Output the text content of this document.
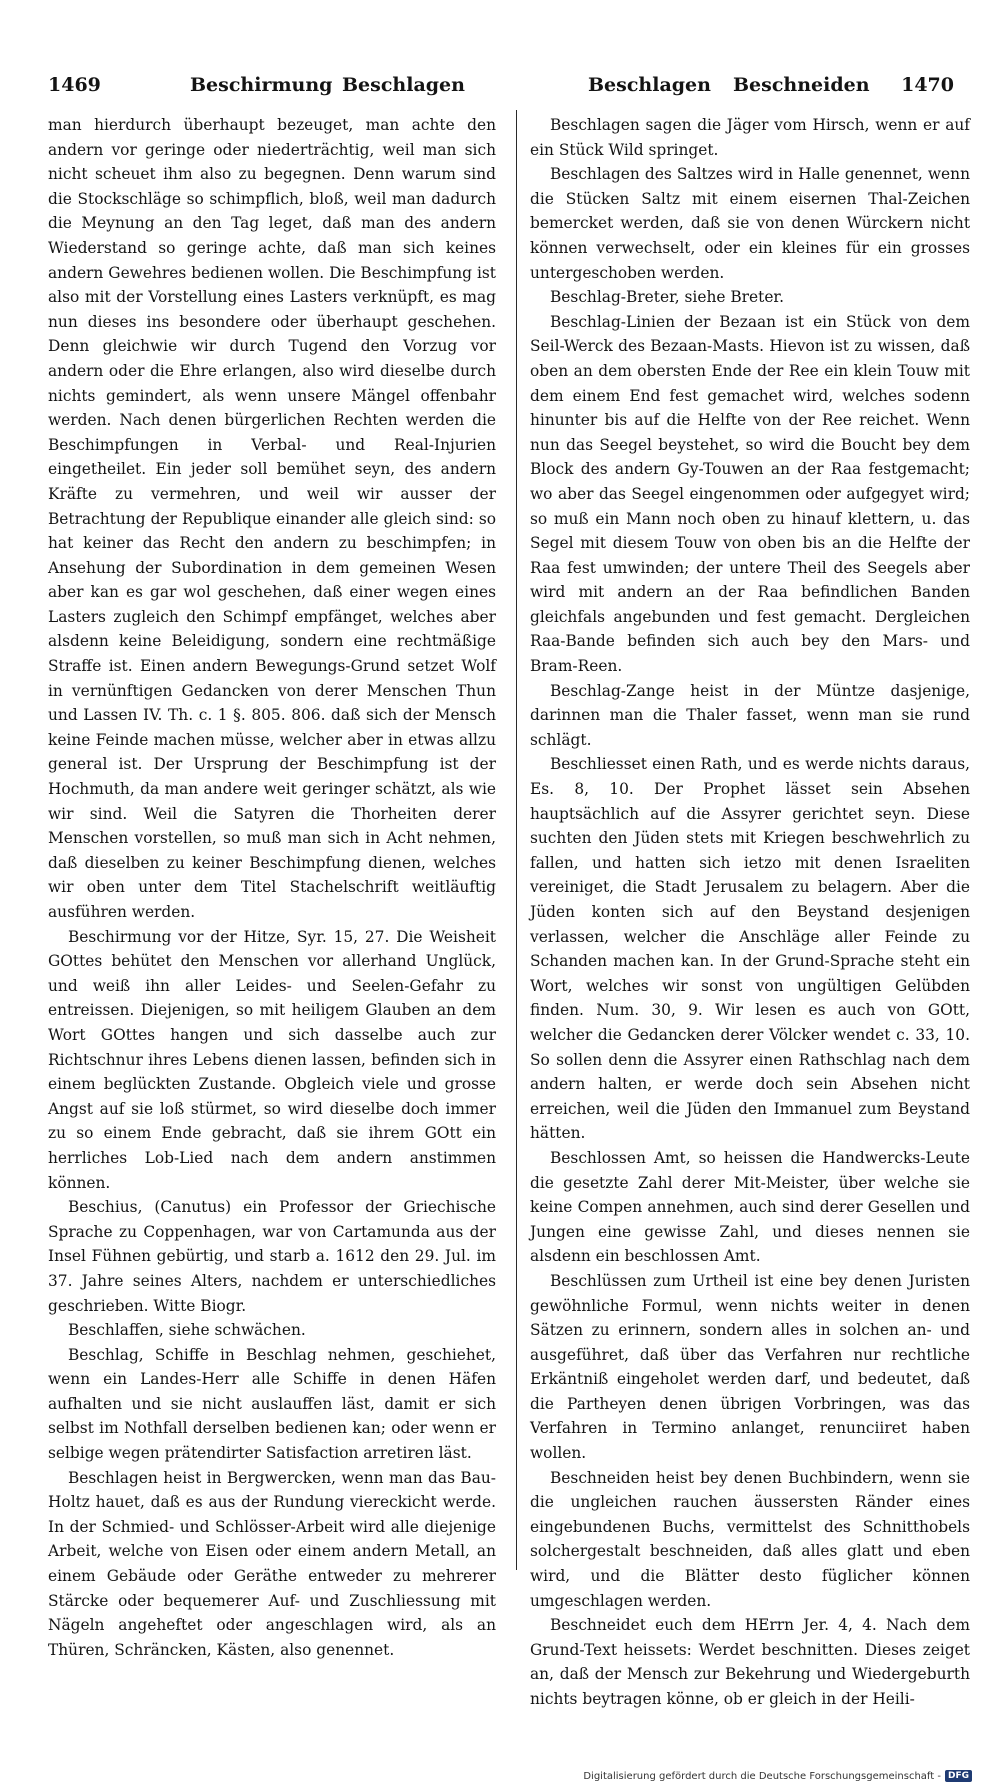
1469	Beschirmung Beschlagen	Beschlagen Beschneiden 1470

man hierdurch überhaupt bezeuget, man achte den andern vor geringe oder niederträchtig, weil man sich nicht scheuet ihm also zu begegnen. Denn warum sind die Stockschläge so schimpflich, bloß, weil man dadurch die Meynung an den Tag leget, daß man des andern Wiederstand so geringe achte, daß man sich keines andern Gewehres bedienen wollen. Die Beschimpfung ist also mit der Vorstellung eines Lasters verknüpft, es mag nun dieses ins besondere oder überhaupt geschehen. Denn gleichwie wir durch Tugend den Vorzug vor andern oder die Ehre erlangen, also wird dieselbe durch nichts gemindert, als wenn unsere Mängel offenbahr werden. Nach denen bürgerlichen Rechten werden die Beschimpfungen in Verbal- und Real-Injurien eingetheilet. Ein jeder soll bemühet seyn, des andern Kräfte zu vermehren, und weil wir ausser der Betrachtung der Republique einander alle gleich sind: so hat keiner das Recht den andern zu beschimpfen; in Ansehung der Subordination in dem gemeinen Wesen aber kan es gar wol geschehen, daß einer wegen eines Lasters zugleich den Schimpf empfänget, welches aber alsdenn keine Beleidigung, sondern eine rechtmäßige Straffe ist. Einen andern Bewegungs-Grund setzet Wolf in vernünftigen Gedancken von derer Menschen Thun und Lassen IV. Th. c. 1 §. 805. 806. daß sich der Mensch keine Feinde machen müsse, welcher aber in etwas allzu general ist. Der Ursprung der Beschimpfung ist der Hochmuth, da man andere weit geringer schätzt, als wie wir sind. Weil die Satyren die Thorheiten derer Menschen vorstellen, so muß man sich in Acht nehmen, daß dieselben zu keiner Beschimpfung dienen, welches wir oben unter dem Titel Stachelschrift weitläuftig ausführen werden.

Beschirmung vor der Hitze, Syr. 15, 27. Die Weisheit GOttes behütet den Menschen vor allerhand Unglück, und weiß ihn aller Leides- und Seelen-Gefahr zu entreissen. Diejenigen, so mit heiligem Glauben an dem Wort GOttes hangen und sich dasselbe auch zur Richtschnur ihres Lebens dienen lassen, befinden sich in einem beglückten Zustande. Obgleich viele und grosse Angst auf sie loß stürmet, so wird dieselbe doch immer zu so einem Ende gebracht, daß sie ihrem GOtt ein herrliches Lob-Lied nach dem andern anstimmen können.

Beschius, (Canutus) ein Professor der Griechische Sprache zu Coppenhagen, war von Cartamunda aus der Insel Fühnen gebürtig, und starb a. 1612 den 29. Jul. im 37. Jahre seines Alters, nachdem er unterschiedliches geschrieben. Witte Biogr.

Beschlaffen, siehe schwächen.

Beschlag, Schiffe in Beschlag nehmen, geschiehet, wenn ein Landes-Herr alle Schiffe in denen Häfen aufhalten und sie nicht auslauffen läst, damit er sich selbst im Nothfall derselben bedienen kan; oder wenn er selbige wegen prätendirter Satisfaction arretiren läst.

Beschlagen heist in Bergwercken, wenn man das Bau-Holtz hauet, daß es aus der Rundung viereckicht werde. In der Schmied- und Schlösser-Arbeit wird alle diejenige Arbeit, welche von Eisen oder einem andern Metall, an einem Gebäude oder Geräthe entweder zu mehrerer Stärcke oder bequemerer Auf- und Zuschliessung mit Nägeln angeheftet oder angeschlagen wird, als an Thüren, Schräncken, Kästen, also genennet.

Beschlagen sagen die Jäger vom Hirsch, wenn er auf ein Stück Wild springet.

Beschlagen des Saltzes wird in Halle genennet, wenn die Stücken Saltz mit einem eisernen Thal-Zeichen bemercket werden, daß sie von denen Würckern nicht können verwechselt, oder ein kleines für ein grosses untergeschoben werden.

Beschlag-Breter, siehe Breter.

Beschlag-Linien der Bezaan ist ein Stück von dem Seil-Werck des Bezaan-Masts. Hievon ist zu wissen, daß oben an dem obersten Ende der Ree ein klein Touw mit dem einem End fest gemachet wird, welches sodenn hinunter bis auf die Helfte von der Ree reichet. Wenn nun das Seegel beystehet, so wird die Boucht bey dem Block des andern Gy-Touwen an der Raa festgemacht; wo aber das Seegel eingenommen oder aufgegyet wird; so muß ein Mann noch oben zu hinauf klettern, u. das Segel mit diesem Touw von oben bis an die Helfte der Raa fest umwinden; der untere Theil des Seegels aber wird mit andern an der Raa befindlichen Banden gleichfals angebunden und fest gemacht. Dergleichen Raa-Bande befinden sich auch bey den Mars- und Bram-Reen.

Beschlag-Zange heist in der Müntze dasjenige, darinnen man die Thaler fasset, wenn man sie rund schlägt.

Beschliesset einen Rath, und es werde nichts daraus, Es. 8, 10. Der Prophet lässet sein Absehen hauptsächlich auf die Assyrer gerichtet seyn. Diese suchten den Jüden stets mit Kriegen beschwehrlich zu fallen, und hatten sich ietzo mit denen Israeliten vereiniget, die Stadt Jerusalem zu belagern. Aber die Jüden konten sich auf den Beystand desjenigen verlassen, welcher die Anschläge aller Feinde zu Schanden machen kan. In der Grund-Sprache steht ein Wort, welches wir sonst von ungültigen Gelübden finden. Num. 30, 9. Wir lesen es auch von GOtt, welcher die Gedancken derer Völcker wendet c. 33, 10. So sollen denn die Assyrer einen Rathschlag nach dem andern halten, er werde doch sein Absehen nicht erreichen, weil die Jüden den Immanuel zum Beystand hätten.

Beschlossen Amt, so heissen die Handwercks-Leute die gesetzte Zahl derer Mit-Meister, über welche sie keine Compen annehmen, auch sind derer Gesellen und Jungen eine gewisse Zahl, und dieses nennen sie alsdenn ein beschlossen Amt.

Beschlüssen zum Urtheil ist eine bey denen Juristen gewöhnliche Formul, wenn nichts weiter in denen Sätzen zu erinnern, sondern alles in solchen an- und ausgeführet, daß über das Verfahren nur rechtliche Erkäntniß eingeholet werden darf, und bedeutet, daß die Partheyen denen übrigen Vorbringen, was das Verfahren in Termino anlanget, renunciiret haben wollen.

Beschneiden heist bey denen Buchbindern, wenn sie die ungleichen rauchen äussersten Ränder eines eingebundenen Buchs, vermittelst des Schnitthobels solchergestalt beschneiden, daß alles glatt und eben wird, und die Blätter desto füglicher können umgeschlagen werden.

Beschneidet euch dem HErrn Jer. 4, 4. Nach dem Grund-Text heissets: Werdet beschnitten. Dieses zeiget an, daß der Mensch zur Bekehrung und Wiedergeburth nichts beytragen könne, ob er gleich in der Heili-

Digitalisierung gefördert durch die Deutsche Forschungsgemeinschaft - DFG
